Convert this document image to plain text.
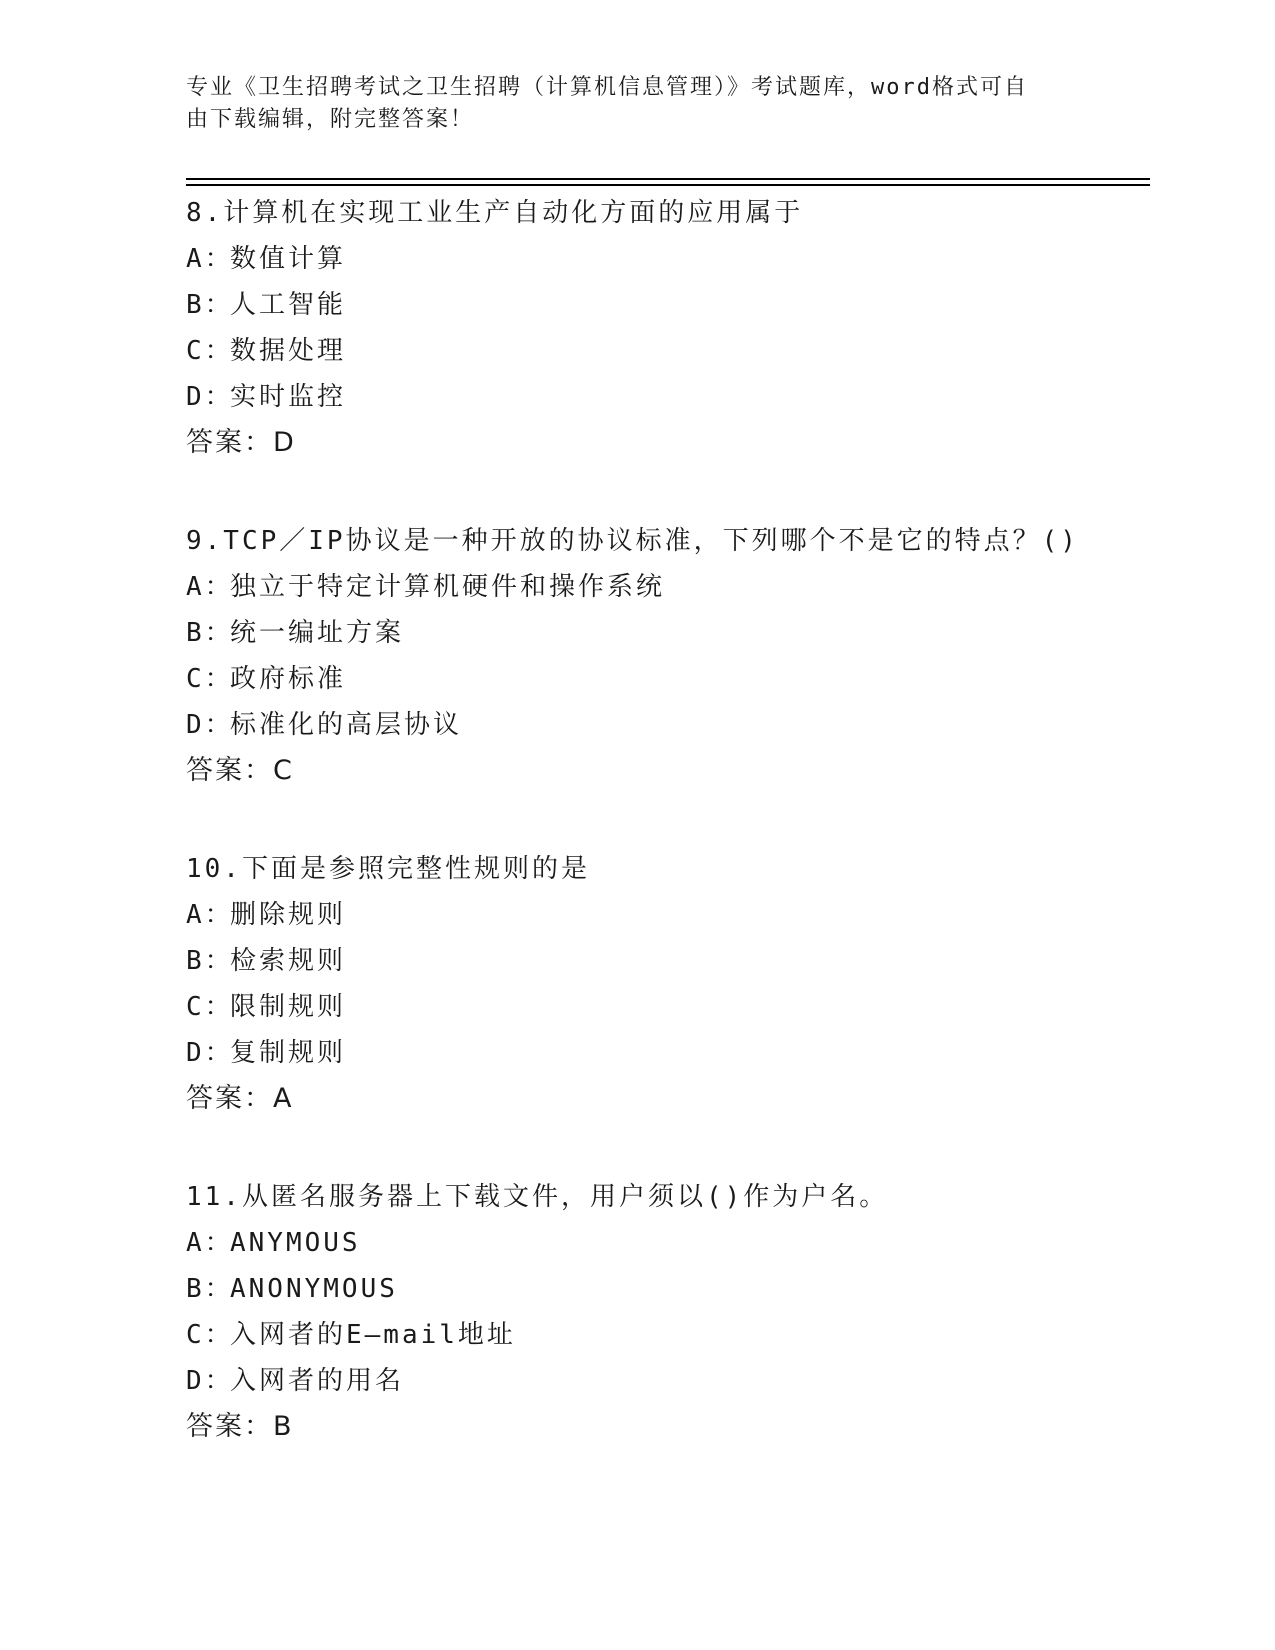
专业《卫生招聘考试之卫生招聘（计算机信息管理）》考试题库，word格式可自
由下载编辑，附完整答案！
8.计算机在实现工业生产自动化方面的应用属于
A：数值计算
B：人工智能
C：数据处理
D：实时监控
答案：D
9.TCP／IP协议是一种开放的协议标准，下列哪个不是它的特点？()
A：独立于特定计算机硬件和操作系统
B：统一编址方案
C：政府标准
D：标准化的高层协议
答案：C
10.下面是参照完整性规则的是
A：删除规则
B：检索规则
C：限制规则
D：复制规则
答案：A
11.从匿名服务器上下载文件，用户须以()作为户名。
A：ANYMOUS
B：ANONYMOUS
C：入网者的E—mail地址
D：入网者的用名
答案：B
